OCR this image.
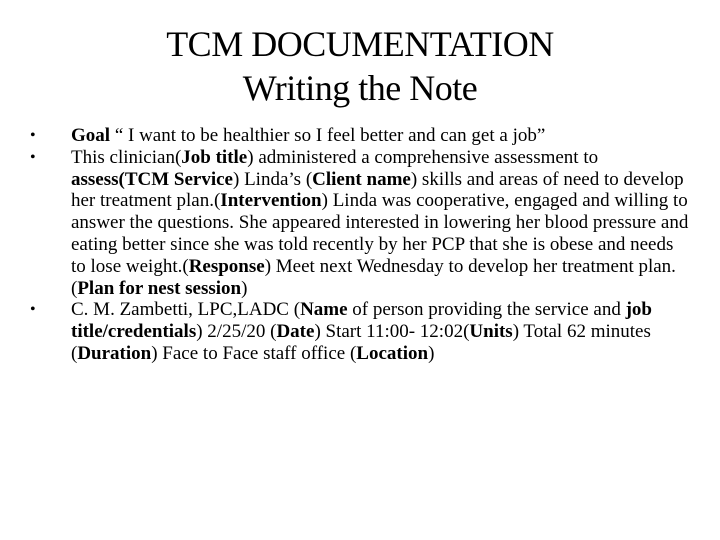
TCM DOCUMENTATION
Writing the Note
•	Goal “ I want to be healthier so I feel better and can get a job”
•	This clinician(Job title) administered a comprehensive assessment to assess(TCM Service) Linda’s (Client name) skills and areas of need to develop her treatment plan.(Intervention) Linda was cooperative, engaged and willing to answer the questions. She appeared interested in lowering her blood pressure and eating better since she was told recently by her PCP that she is obese and needs to lose weight.(Response) Meet next Wednesday to develop her treatment plan.(Plan for nest session)
•	C. M. Zambetti, LPC,LADC (Name of person providing the service and job title/credentials) 2/25/20 (Date) Start 11:00- 12:02(Units) Total 62 minutes (Duration) Face to Face staff office (Location)
